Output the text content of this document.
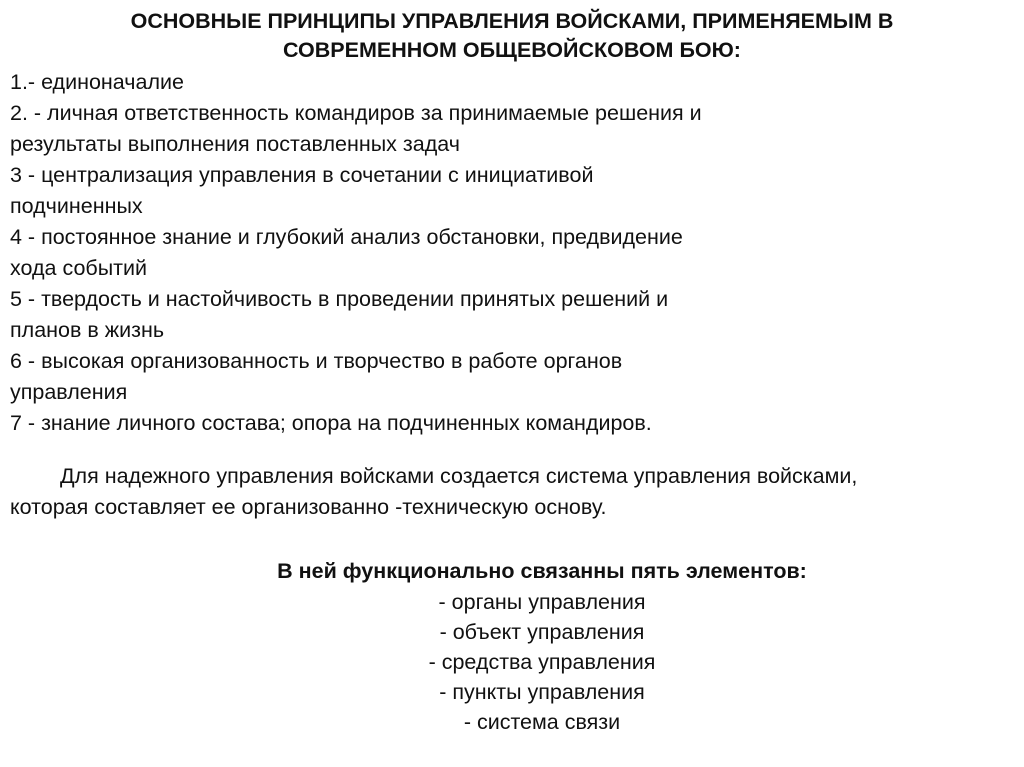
ОСНОВНЫЕ ПРИНЦИПЫ УПРАВЛЕНИЯ ВОЙСКАМИ, ПРИМЕНЯЕМЫМ В
СОВРЕМЕННОМ ОБЩЕВОЙСКОВОМ БОЮ:
1.- единоначалие
2. - личная ответственность командиров за принимаемые решения и
результаты выполнения поставленных задач
3 - централизация управления в сочетании с инициативой
подчиненных
4 - постоянное знание и глубокий анализ обстановки, предвидение
хода событий
5 - твердость и настойчивость в проведении принятых решений и
планов в жизнь
6 - высокая организованность и творчество в работе органов
управления
7 - знание личного состава; опора на подчиненных командиров.

Для надежного управления войсками создается система управления войсками,
которая составляет ее организованно -техническую основу.

В ней функционально связанны пять элементов:
- органы управления
- объект управления
- средства управления
- пункты управления
- система связи
